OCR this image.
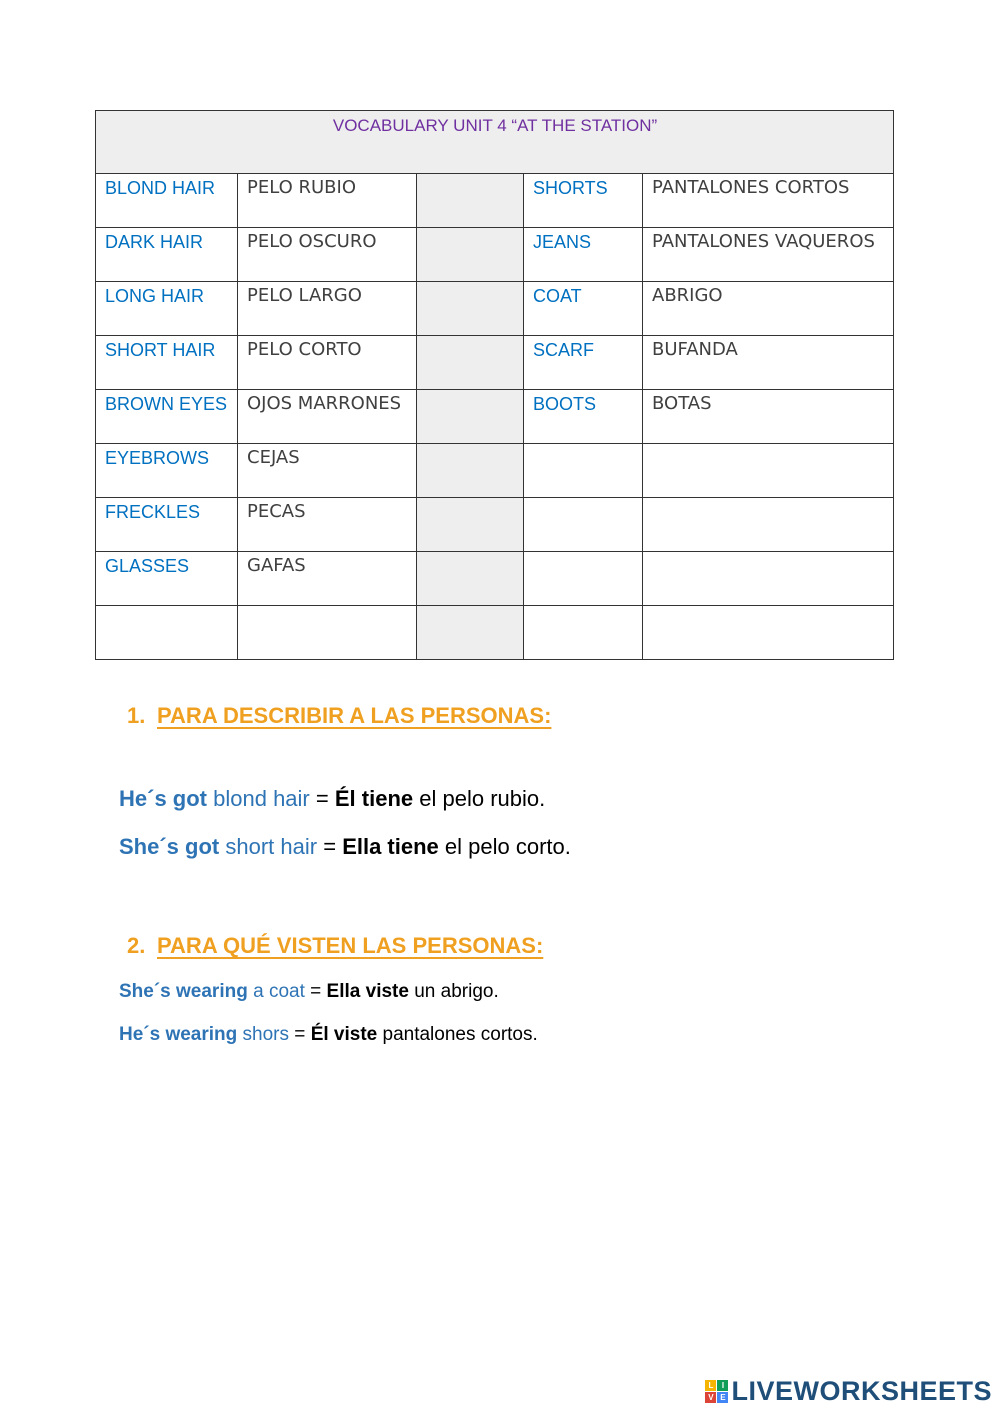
VOCABULARY UNIT 4 “AT THE STATION”				
BLOND HAIR	PELO RUBIO		SHORTS	PANTALONES CORTOS
DARK HAIR	PELO OSCURO		JEANS	PANTALONES VAQUEROS
LONG HAIR	PELO LARGO		COAT	ABRIGO
SHORT HAIR	PELO CORTO		SCARF	BUFANDA
BROWN EYES	OJOS MARRONES		BOOTS	BOTAS
EYEBROWS	CEJAS			
FRECKLES	PECAS			
GLASSES	GAFAS			

1. PARA DESCRIBIR A LAS PERSONAS:
He´s got blond hair = Él tiene el pelo rubio.
She´s got short hair = Ella tiene el pelo corto.
2. PARA QUÉ VISTEN LAS PERSONAS:
She´s wearing a coat = Ella viste un abrigo.
He´s wearing shors = Él viste pantalones cortos.
L	I
V E LIVEWORKSHEETS
